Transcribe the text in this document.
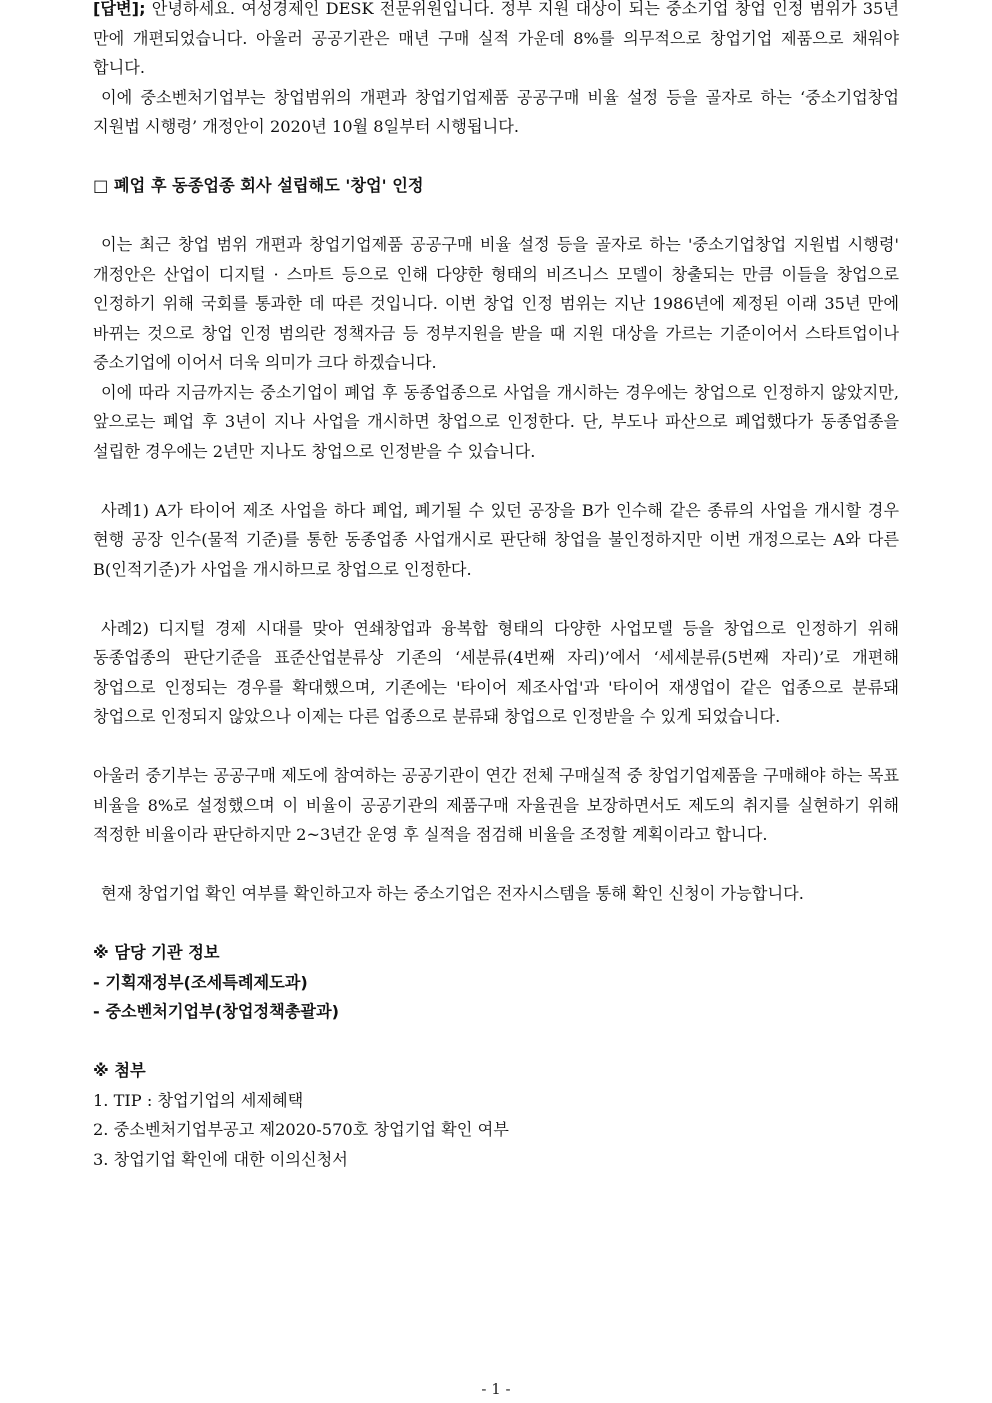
[답변]; 안녕하세요. 여성경제인 DESK 전문위원입니다. 정부 지원 대상이 되는 중소기업 창업 인정 범위가 35년 만에 개편되었습니다. 아울러 공공기관은 매년 구매 실적 가운데 8%를 의무적으로 창업기업 제품으로 채워야 합니다.

이에 중소벤처기업부는 창업범위의 개편과 창업기업제품 공공구매 비율 설정 등을 골자로 하는 ‘중소기업창업 지원법 시행령’ 개정안이 2020년 10월 8일부터 시행됩니다.

□ 폐업 후 동종업종 회사 설립해도 '창업' 인정

이는 최근 창업 범위 개편과 창업기업제품 공공구매 비율 설정 등을 골자로 하는 '중소기업창업 지원법 시행령' 개정안은 산업이 디지털 · 스마트 등으로 인해 다양한 형태의 비즈니스 모델이 창출되는 만큼 이들을 창업으로 인정하기 위해 국회를 통과한 데 따른 것입니다. 이번 창업 인정 범위는 지난 1986년에 제정된 이래 35년 만에 바뀌는 것으로 창업 인정 범의란 정책자금 등 정부지원을 받을 때 지원 대상을 가르는 기준이어서 스타트업이나 중소기업에 이어서 더욱 의미가 크다 하겠습니다.

이에 따라 지금까지는 중소기업이 폐업 후 동종업종으로 사업을 개시하는 경우에는 창업으로 인정하지 않았지만, 앞으로는 폐업 후 3년이 지나 사업을 개시하면 창업으로 인정한다. 단, 부도나 파산으로 폐업했다가 동종업종을 설립한 경우에는 2년만 지나도 창업으로 인정받을 수 있습니다.

사례1) A가 타이어 제조 사업을 하다 폐업, 폐기될 수 있던 공장을 B가 인수해 같은 종류의 사업을 개시할 경우 현행 공장 인수(물적 기준)를 통한 동종업종 사업개시로 판단해 창업을 불인정하지만 이번 개정으로는 A와 다른 B(인적기준)가 사업을 개시하므로 창업으로 인정한다.

사례2) 디지털 경제 시대를 맞아 연쇄창업과 융복합 형태의 다양한 사업모델 등을 창업으로 인정하기 위해 동종업종의 판단기준을 표준산업분류상 기존의 ‘세분류(4번째 자리)’에서 ‘세세분류(5번째 자리)’로 개편해 창업으로 인정되는 경우를 확대했으며, 기존에는 '타이어 제조사업'과 '타이어 재생업이 같은 업종으로 분류돼 창업으로 인정되지 않았으나 이제는 다른 업종으로 분류돼 창업으로 인정받을 수 있게 되었습니다.

아울러 중기부는 공공구매 제도에 참여하는 공공기관이 연간 전체 구매실적 중 창업기업제품을 구매해야 하는 목표 비율을 8%로 설정했으며 이 비율이 공공기관의 제품구매 자율권을 보장하면서도 제도의 취지를 실현하기 위해 적정한 비율이라 판단하지만 2~3년간 운영 후 실적을 점검해 비율을 조정할 계획이라고 합니다.

현재 창업기업 확인 여부를 확인하고자 하는 중소기업은 전자시스템을 통해 확인 신청이 가능합니다.

※ 담당 기관 정보

- 기획재정부(조세특례제도과)

- 중소벤처기업부(창업정책총괄과)

※ 첨부

1. TIP : 창업기업의 세제혜택

2. 중소벤처기업부공고 제2020-570호 창업기업 확인 여부

3. 창업기업 확인에 대한 이의신청서

- 1 -
